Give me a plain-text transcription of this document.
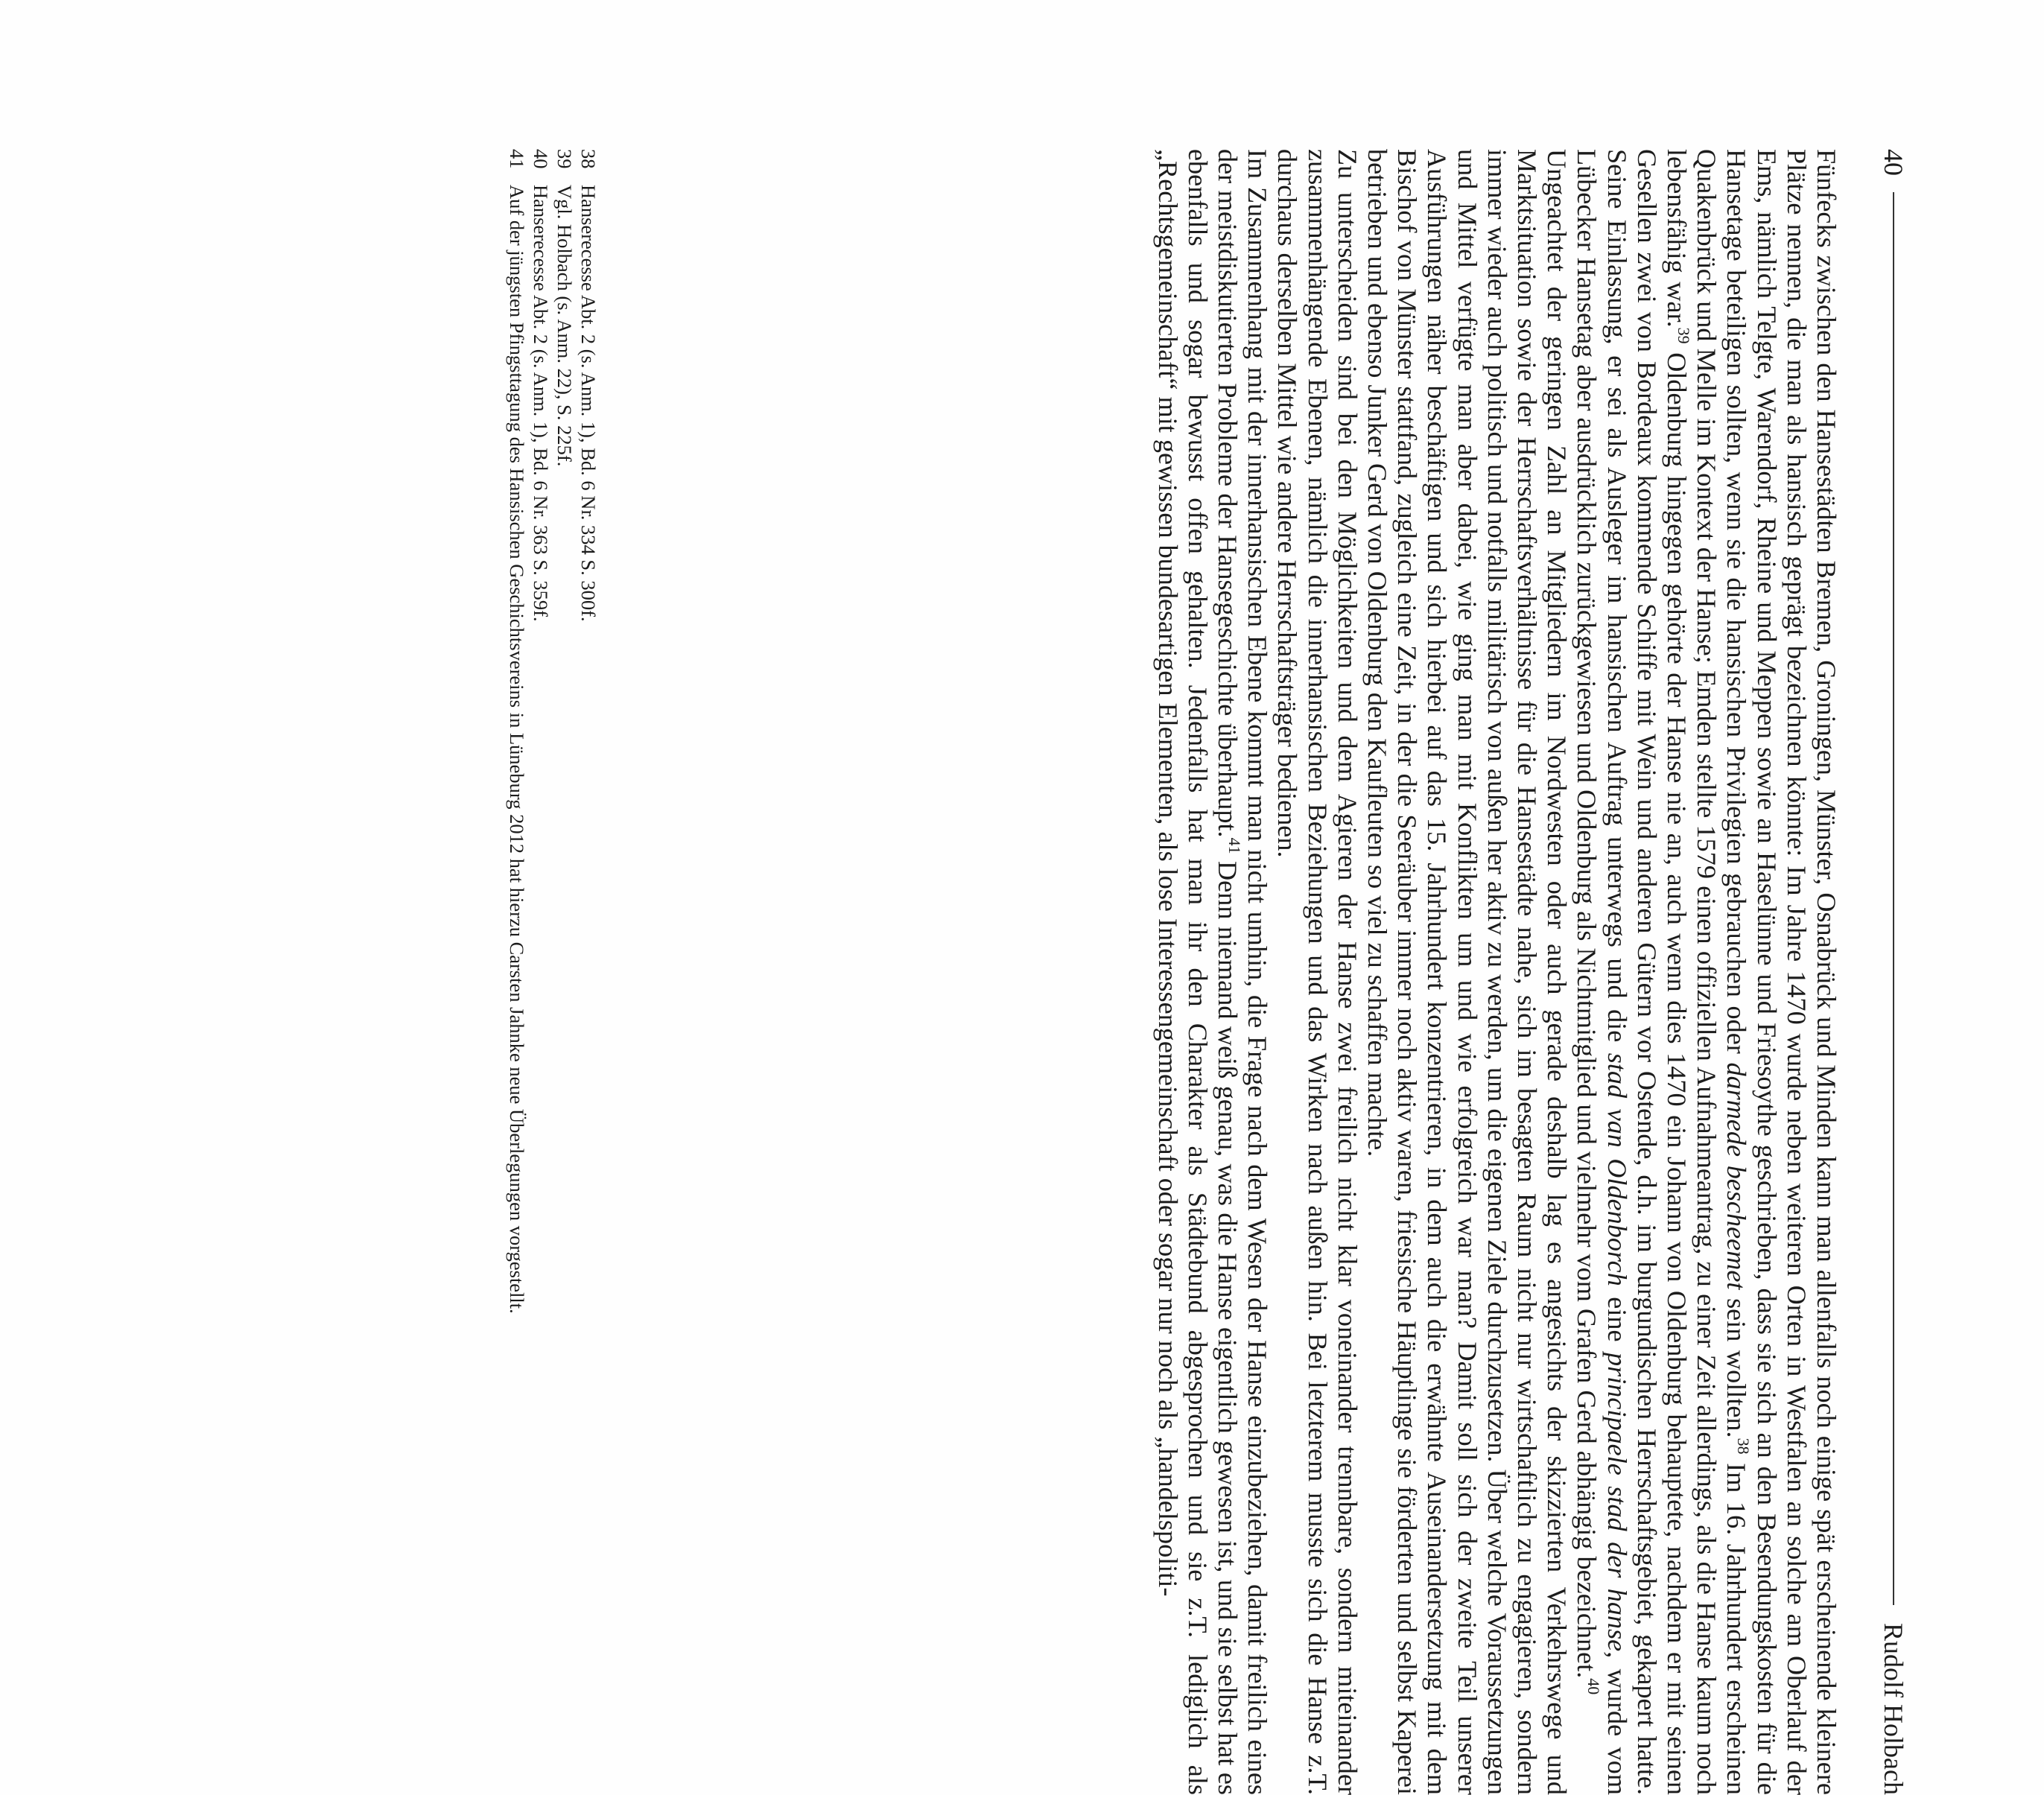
40
Rudolf Holbach

Fünfecks zwischen den Hansestädten Bremen, Groningen, Münster, Osnabrück und Minden kann man allenfalls noch einige spät erscheinende kleinere Plätze nennen, die man als hansisch geprägt bezeichnen könnte: Im Jahre 1470 wurde neben weiteren Orten in Westfalen an solche am Oberlauf der Ems, nämlich Telgte, Warendorf, Rheine und Meppen sowie an Haselünne und Friesoythe geschrieben, dass sie sich an den Besendungskosten für die Hansetage beteiligen sollten, wenn sie die hansischen Privilegien gebrauchen oder darmede bescheemet sein wollten.$^{38}$ Im 16. Jahrhundert erscheinen Quakenbrück und Melle im Kontext der Hanse; Emden stellte 1579 einen offiziellen Aufnahmeantrag, zu einer Zeit allerdings, als die Hanse kaum noch lebensfähig war.$^{39}$ Oldenburg hingegen gehörte der Hanse nie an, auch wenn dies 1470 ein Johann von Oldenburg behauptete, nachdem er mit seinen Gesellen zwei von Bordeaux kommende Schiffe mit Wein und anderen Gütern vor Ostende, d.h. im burgundischen Herrschaftsgebiet, gekapert hatte. Seine Einlassung, er sei als Ausleger im hansischen Auftrag unterwegs und die stad van Oldenborch eine principaele stad der hanse, wurde vom Lübecker Hansetag aber ausdrücklich zurückgewiesen und Oldenburg als Nichtmitglied und vielmehr vom Grafen Gerd abhängig bezeichnet.$^{40}$

Ungeachtet der geringen Zahl an Mitgliedern im Nordwesten oder auch gerade deshalb lag es angesichts der skizzierten Verkehrswege und Marktsituation sowie der Herrschaftsverhältnisse für die Hansestädte nahe, sich im besagten Raum nicht nur wirtschaftlich zu engagieren, sondern immer wieder auch politisch und notfalls militärisch von außen her aktiv zu werden, um die eigenen Ziele durchzusetzen. Über welche Voraussetzungen und Mittel verfügte man aber dabei, wie ging man mit Konflikten um und wie erfolgreich war man? Damit soll sich der zweite Teil unserer Ausführungen näher beschäftigen und sich hierbei auf das 15. Jahrhundert konzentrieren, in dem auch die erwähnte Auseinandersetzung mit dem Bischof von Münster stattfand, zugleich eine Zeit, in der die Seeräuber immer noch aktiv waren, friesische Häuptlinge sie förderten und selbst Kaperei betrieben und ebenso Junker Gerd von Oldenburg den Kaufleuten so viel zu schaffen machte.

Zu unterscheiden sind bei den Möglichkeiten und dem Agieren der Hanse zwei freilich nicht klar voneinander trennbare, sondern miteinander zusammenhängende Ebenen, nämlich die innerhansischen Beziehungen und das Wirken nach außen hin. Bei letzterem musste sich die Hanse z.T. durchaus derselben Mittel wie andere Herrschaftsträger bedienen.

Im Zusammenhang mit der innerhansischen Ebene kommt man nicht umhin, die Frage nach dem Wesen der Hanse einzubeziehen, damit freilich eines der meistdiskutierten Probleme der Hansegeschichte überhaupt.$^{41}$ Denn niemand weiß genau, was die Hanse eigentlich gewesen ist, und sie selbst hat es ebenfalls und sogar bewusst offen gehalten. Jedenfalls hat man ihr den Charakter als Städtebund abgesprochen und sie z.T. lediglich als „Rechtsgemeinschaft“ mit gewissen bundesartigen Elementen, als lose Interessengemeinschaft oder sogar nur noch als „handelspoliti-

38
Hanserecesse Abt. 2 (s. Anm. 1), Bd. 6 Nr. 334 S. 300f.
39
Vgl. Holbach (s. Anm. 22), S. 225f.
40
Hanserecesse Abt. 2 (s. Anm. 1), Bd. 6 Nr. 363 S. 359f.
41
Auf der jüngsten Pfingsttagung des Hansischen Geschichtsvereins in Lüneburg 2012 hat hierzu Carsten Jahnke neue Überlegungen vorgestellt.
